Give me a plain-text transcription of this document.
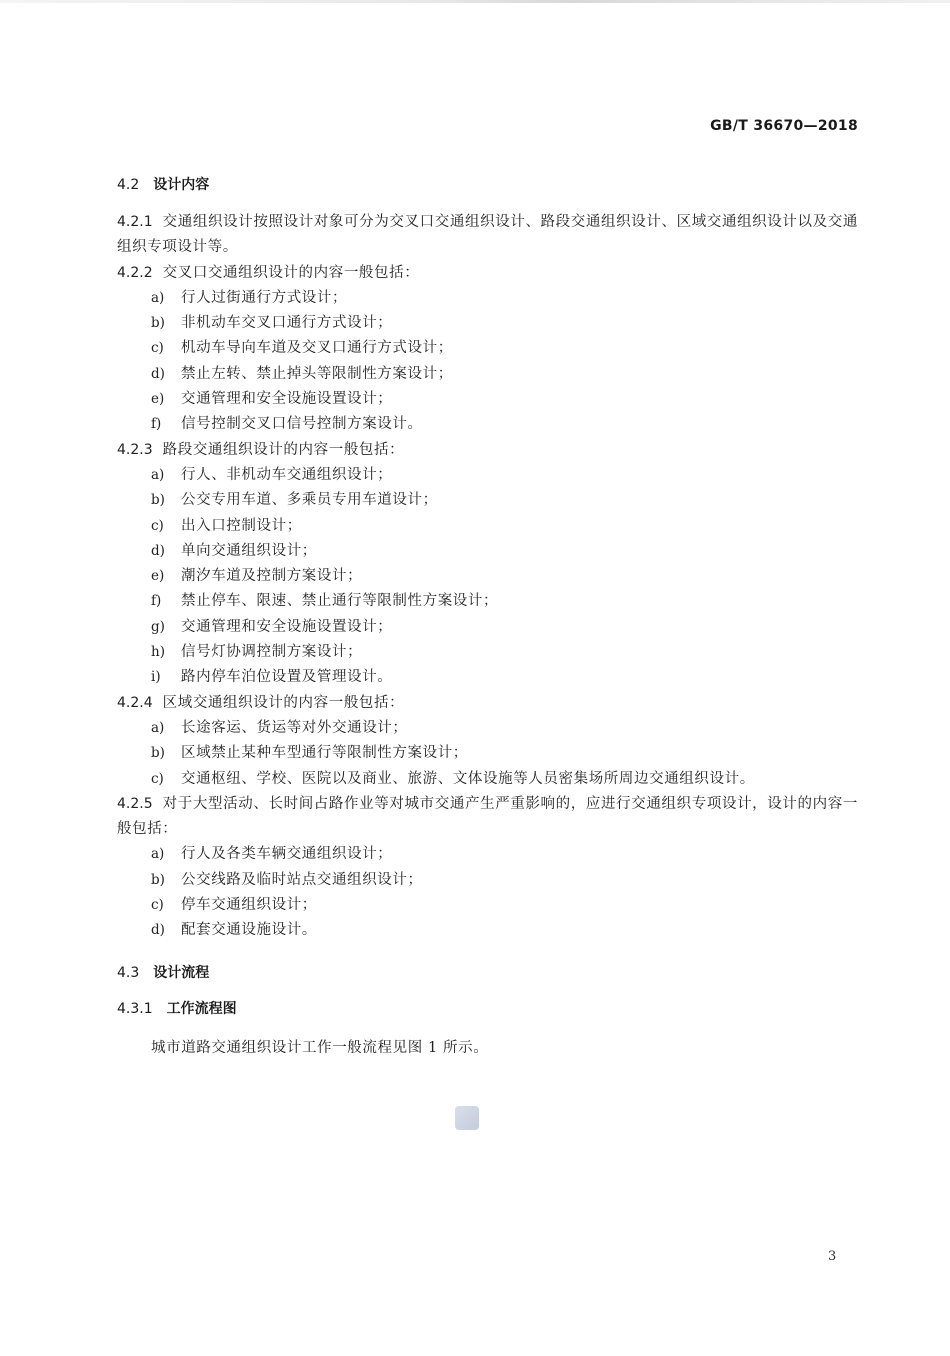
GB/T 36670—2018
4.2 设计内容
4.2.1 交通组织设计按照设计对象可分为交叉口交通组织设计、路段交通组织设计、区域交通组织设计以及交通组织专项设计等。
4.2.2 交叉口交通组织设计的内容一般包括：
a) 行人过街通行方式设计；
b) 非机动车交叉口通行方式设计；
c) 机动车导向车道及交叉口通行方式设计；
d) 禁止左转、禁止掉头等限制性方案设计；
e) 交通管理和安全设施设置设计；
f) 信号控制交叉口信号控制方案设计。
4.2.3 路段交通组织设计的内容一般包括：
a) 行人、非机动车交通组织设计；
b) 公交专用车道、多乘员专用车道设计；
c) 出入口控制设计；
d) 单向交通组织设计；
e) 潮汐车道及控制方案设计；
f) 禁止停车、限速、禁止通行等限制性方案设计；
g) 交通管理和安全设施设置设计；
h) 信号灯协调控制方案设计；
i) 路内停车泊位设置及管理设计。
4.2.4 区域交通组织设计的内容一般包括：
a) 长途客运、货运等对外交通设计；
b) 区域禁止某种车型通行等限制性方案设计；
c) 交通枢纽、学校、医院以及商业、旅游、文体设施等人员密集场所周边交通组织设计。
4.2.5 对于大型活动、长时间占路作业等对城市交通产生严重影响的，应进行交通组织专项设计，设计的内容一般包括：
a) 行人及各类车辆交通组织设计；
b) 公交线路及临时站点交通组织设计；
c) 停车交通组织设计；
d) 配套交通设施设计。
4.3 设计流程
4.3.1 工作流程图
城市道路交通组织设计工作一般流程见图 1 所示。
3
